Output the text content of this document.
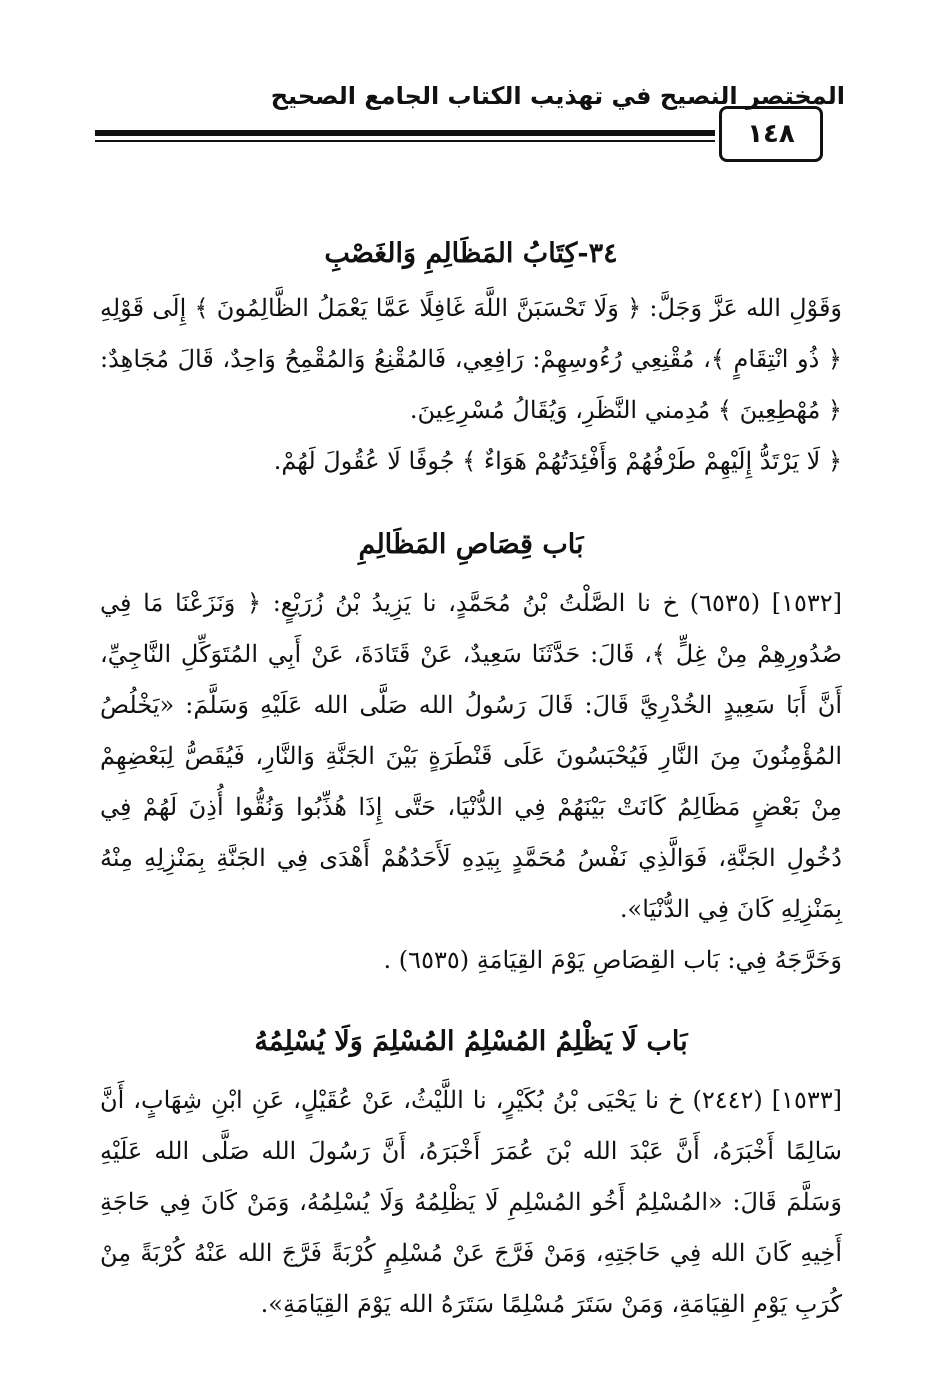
المختصر النصيح في تهذيب الكتاب الجامع الصحيح
١٤٨
٣٤-كِتَابُ المَظَالِمِ وَالغَصْبِ

وَقَوْلِ الله عَزَّ وَجَلَّ: ﴿ وَلَا تَحْسَبَنَّ اللَّهَ غَافِلًا عَمَّا يَعْمَلُ الظَّالِمُونَ ﴾ إِلَى قَوْلِهِ ﴿ ذُو انْتِقَامٍ ﴾، مُقْنِعِي رُءُوسِهِمْ: رَافِعِي، فَالمُقْنِعُ وَالمُقْمِحُ وَاحِدٌ، قَالَ مُجَاهِدٌ: ﴿ مُهْطِعِينَ ﴾ مُدِمني النَّظَرِ، وَيُقَالُ مُسْرِعِينَ.

﴿ لَا يَرْتَدُّ إِلَيْهِمْ طَرْفُهُمْ وَأَفْئِدَتُهُمْ هَوَاءٌ ﴾ جُوفًا لَا عُقُولَ لَهُمْ.

بَاب قِصَاصِ المَظَالِمِ

[١٥٣٢] (٦٥٣٥) خ نا الصَّلْتُ بْنُ مُحَمَّدٍ، نا يَزِيدُ بْنُ زُرَيْعٍ: ﴿ وَنَزَعْنَا مَا فِي صُدُورِهِمْ مِنْ غِلٍّ ﴾، قَالَ: حَدَّثَنَا سَعِيدٌ، عَنْ قَتَادَةَ، عَنْ أَبِي المُتَوَكِّلِ النَّاجِيِّ، أَنَّ أَبَا سَعِيدٍ الخُدْرِيَّ قَالَ: قَالَ رَسُولُ الله صَلَّى الله عَلَيْهِ وَسَلَّمَ: «يَخْلُصُ المُؤْمِنُونَ مِنَ النَّارِ فَيُحْبَسُونَ عَلَى قَنْطَرَةٍ بَيْنَ الجَنَّةِ وَالنَّارِ، فَيُقَصُّ لِبَعْضِهِمْ مِنْ بَعْضٍ مَظَالِمُ كَانَتْ بَيْنَهُمْ فِي الدُّنْيَا، حَتَّى إِذَا هُذِّبُوا وَنُقُّوا أُذِنَ لَهُمْ فِي دُخُولِ الجَنَّةِ، فَوَالَّذِي نَفْسُ مُحَمَّدٍ بِيَدِهِ لَأَحَدُهُمْ أَهْدَى فِي الجَنَّةِ بِمَنْزِلِهِ مِنْهُ بِمَنْزِلِهِ كَانَ فِي الدُّنْيَا».

وَخَرَّجَهُ فِي: بَاب القِصَاصِ يَوْمَ القِيَامَةِ (٦٥٣٥) .

بَاب لَا يَظْلِمُ المُسْلِمُ المُسْلِمَ وَلَا يُسْلِمُهُ

[١٥٣٣] (٢٤٤٢) خ نا يَحْيَى بْنُ بُكَيْرٍ، نا اللَّيْثُ، عَنْ عُقَيْلٍ، عَنِ ابْنِ شِهَابٍ، أَنَّ سَالِمًا أَخْبَرَهُ، أَنَّ عَبْدَ الله بْنَ عُمَرَ أَخْبَرَهُ، أَنَّ رَسُولَ الله صَلَّى الله عَلَيْهِ وَسَلَّمَ قَالَ: «المُسْلِمُ أَخُو المُسْلِمِ لَا يَظْلِمُهُ وَلَا يُسْلِمُهُ، وَمَنْ كَانَ فِي حَاجَةِ أَخِيهِ كَانَ الله فِي حَاجَتِهِ، وَمَنْ فَرَّجَ عَنْ مُسْلِمٍ كُرْبَةً فَرَّجَ الله عَنْهُ كُرْبَةً مِنْ كُرَبِ يَوْمِ القِيَامَةِ، وَمَنْ سَتَرَ مُسْلِمًا سَتَرَهُ الله يَوْمَ القِيَامَةِ».
